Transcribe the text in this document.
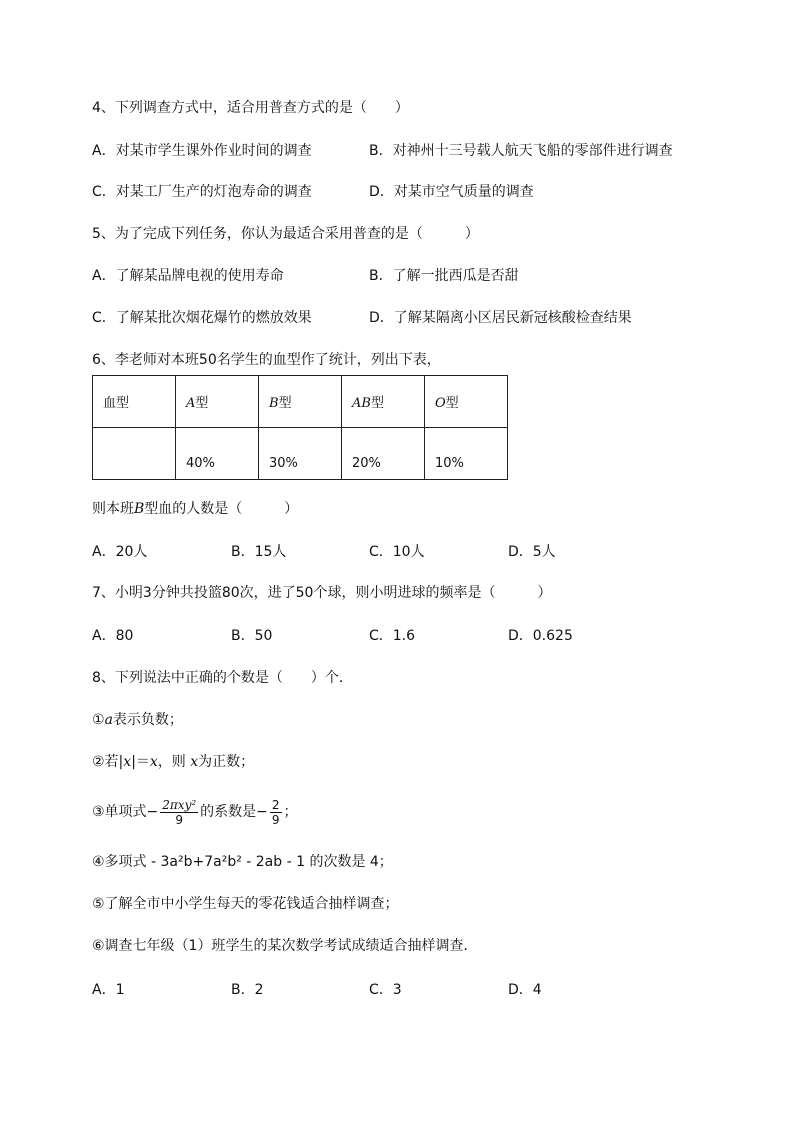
4、下列调查方式中，适合用普查方式的是（　　）
A．对某市学生课外作业时间的调查	B．对神州十三号载人航天飞船的零部件进行调查
C．对某工厂生产的灯泡寿命的调查	D．对某市空气质量的调查
5、为了完成下列任务，你认为最适合采用普查的是（　　　）
A．了解某品牌电视的使用寿命	B．了解一批西瓜是否甜
C．了解某批次烟花爆竹的燃放效果	D．了解某隔离小区居民新冠核酸检查结果
6、李老师对本班50名学生的血型作了统计，列出下表，
血型	A型	B型	AB型	O型
	40%	30%	20%	10%
则本班B型血的人数是（　　　）
A．20人	B．15人	C．10人	D．5人
7、小明3分钟共投篮80次，进了50个球，则小明进球的频率是（　　　）
A．80	B．50	C．1.6	D．0.625
8、下列说法中正确的个数是（　　）个．
①a表示负数；
②若|x|＝x，则 x为正数；
③单项式− $\frac{\text{2πxy²}}{9}$ 的系数是− $\frac{2}{9}$ ；
④多项式 - 3a²b+7a²b² - 2ab - 1 的次数是 4；
⑤了解全市中小学生每天的零花钱适合抽样调查；
⑥调查七年级（1）班学生的某次数学考试成绩适合抽样调查．
A．1	B．2	C．3	D．4
